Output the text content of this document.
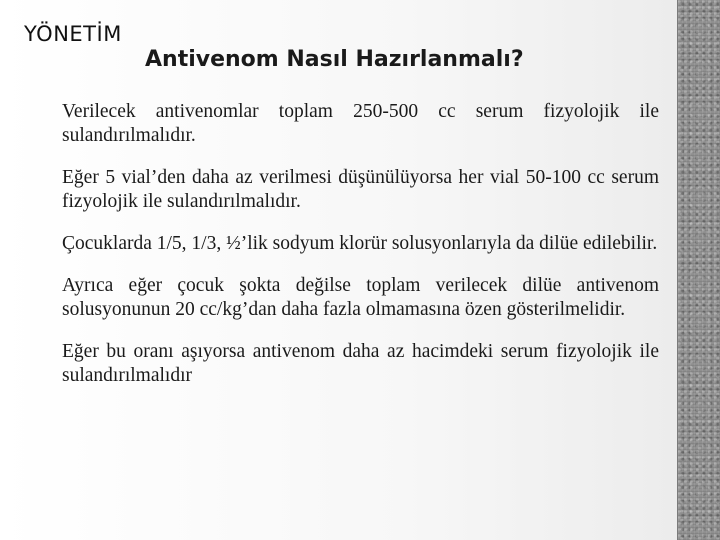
YÖNETİM
Antivenom Nasıl Hazırlanmalı?

Verilecek antivenomlar toplam 250-500 cc serum fizyolojik ile sulandırılmalıdır.

Eğer 5 vial’den daha az verilmesi düşünülüyorsa her vial 50-100 cc serum fizyolojik ile sulandırılmalıdır.

Çocuklarda 1/5, 1/3, ½’lik sodyum klorür solusyonlarıyla da dilüe edilebilir.

Ayrıca eğer çocuk şokta değilse toplam verilecek dilüe antivenom solusyonunun 20 cc/kg’dan daha fazla olmamasına özen gösterilmelidir.

Eğer bu oranı aşıyorsa antivenom daha az hacimdeki serum fizyolojik ile sulandırılmalıdır
